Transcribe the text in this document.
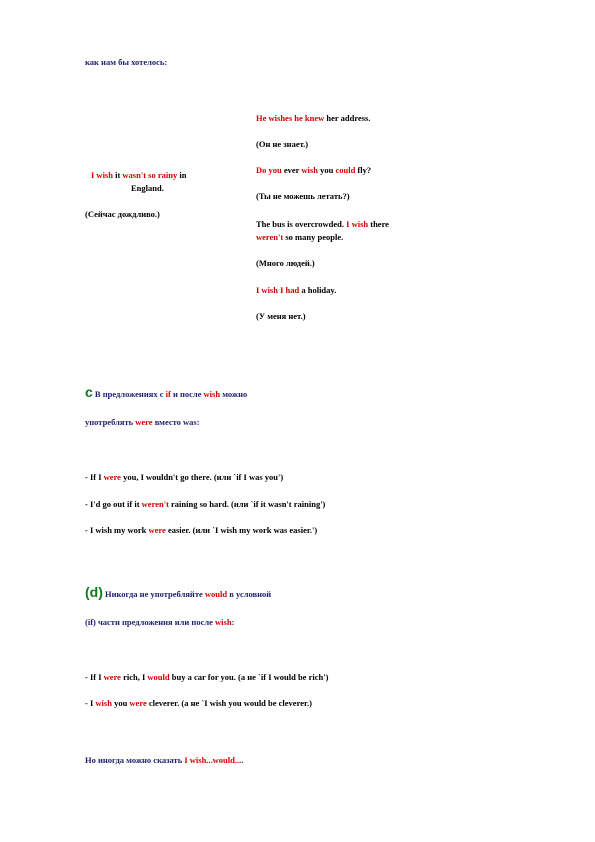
как нам бы хотелось:
I wish it wasn't so rainy in
England.
(Сейчас дождливо.)
He wishes he knew her address.
(Он не знает.)
Do you ever wish you could fly?
(Ты не можешь летать?)
The bus is overcrowded. I wish there
weren't so many people.
(Много людей.)
I wish I had a holiday.
(У меня нет.)
c В предложениях с if и после wish можно
употреблять were вместо was:
- If I were you, I wouldn't go there. (или `if I was you')
- I'd go out if it weren't raining so hard. (или `if it wasn't raining')
- I wish my work were easier. (или `I wish my work was easier.')
(d) Никогда не употребляйте would в условной
(if) части предложения или после wish:
- If I were rich, I would buy a car for you. (а не `if I would be rich')
- I wish you were cleverer. (а не `I wish you would be cleverer.)
Но иногда можно сказать I wish...would....
